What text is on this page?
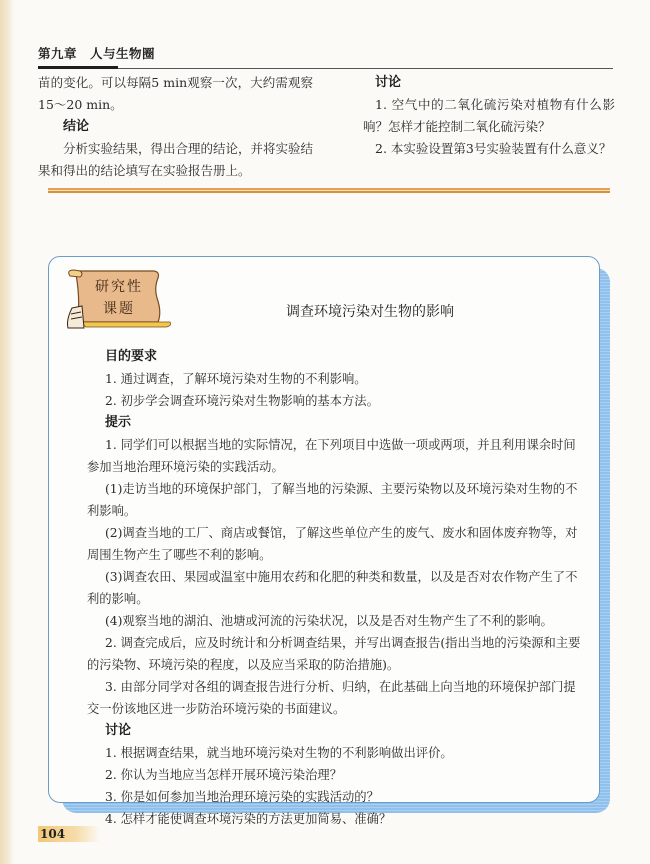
第九章　人与生物圈
苗的变化。可以每隔5 min观察一次，大约需观察15～20 min。
结论
分析实验结果，得出合理的结论，并将实验结果和得出的结论填写在实验报告册上。
讨论
1. 空气中的二氧化硫污染对植物有什么影响？怎样才能控制二氧化硫污染？
2. 本实验设置第3号实验装置有什么意义？
研究性
课题	调查环境污染对生物的影响
目的要求
1. 通过调查，了解环境污染对生物的不利影响。
2. 初步学会调查环境污染对生物影响的基本方法。
提示
1. 同学们可以根据当地的实际情况，在下列项目中选做一项或两项，并且利用课余时间参加当地治理环境污染的实践活动。
(1)走访当地的环境保护部门，了解当地的污染源、主要污染物以及环境污染对生物的不利影响。
(2)调查当地的工厂、商店或餐馆，了解这些单位产生的废气、废水和固体废弃物等，对周围生物产生了哪些不利的影响。
(3)调查农田、果园或温室中施用农药和化肥的种类和数量，以及是否对农作物产生了不利的影响。
(4)观察当地的湖泊、池塘或河流的污染状况，以及是否对生物产生了不利的影响。
2. 调查完成后，应及时统计和分析调查结果，并写出调查报告(指出当地的污染源和主要的污染物、环境污染的程度，以及应当采取的防治措施)。
3. 由部分同学对各组的调查报告进行分析、归纳，在此基础上向当地的环境保护部门提交一份该地区进一步防治环境污染的书面建议。
讨论
1. 根据调查结果，就当地环境污染对生物的不利影响做出评价。
2. 你认为当地应当怎样开展环境污染治理？
3. 你是如何参加当地治理环境污染的实践活动的？
4. 怎样才能使调查环境污染的方法更加简易、准确？
104
